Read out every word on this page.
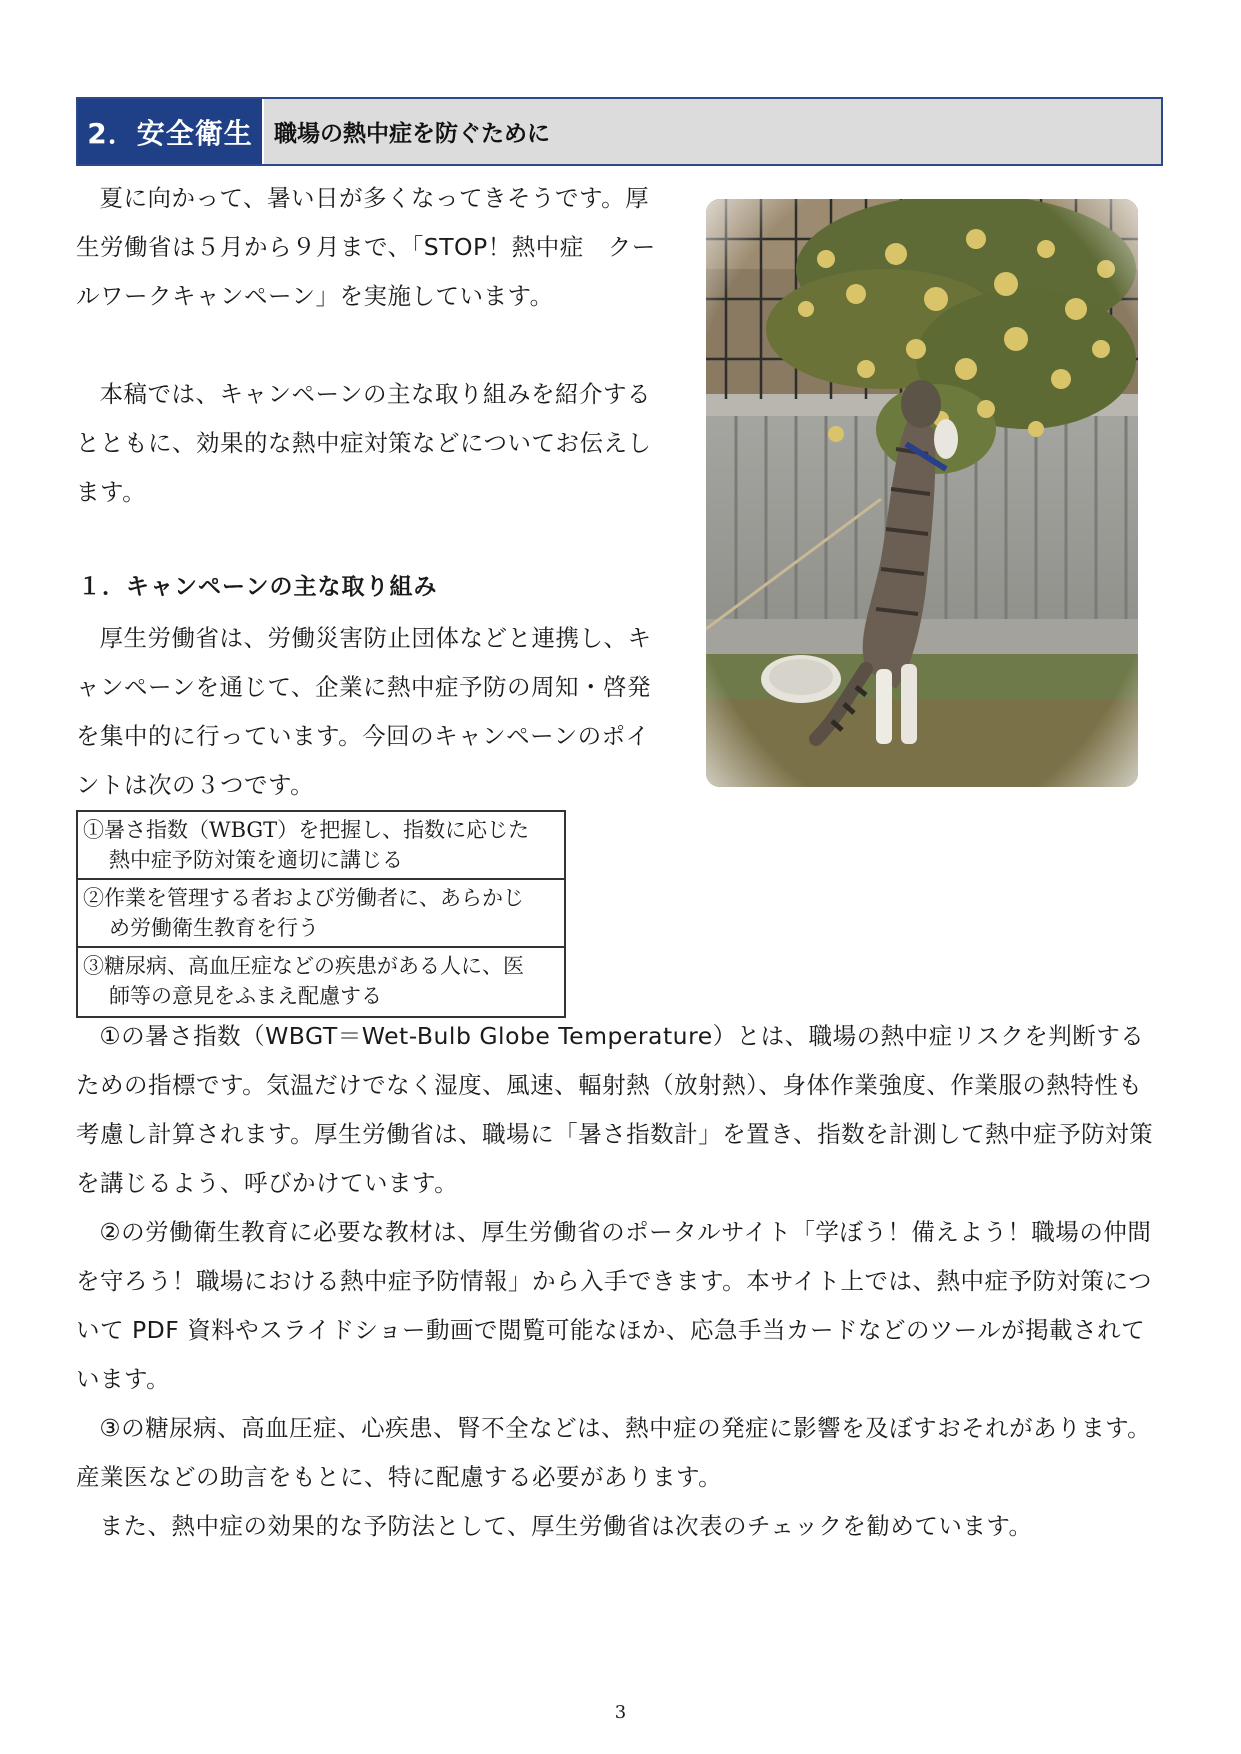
2．安全衛生 職場の熱中症を防ぐために

夏に向かって、暑い日が多くなってきそうです。厚生労働省は５月から９月まで、「STOP！熱中症　クールワークキャンペーン」を実施しています。

本稿では、キャンペーンの主な取り組みを紹介するとともに、効果的な熱中症対策などについてお伝えします。

１．キャンペーンの主な取り組み

厚生労働省は、労働災害防止団体などと連携し、キャンペーンを通じて、企業に熱中症予防の周知・啓発を集中的に行っています。今回のキャンペーンのポイントは次の３つです。

①暑さ指数（WBGT）を把握し、指数に応じた
熱中症予防対策を適切に講じる
②作業を管理する者および労働者に、あらかじ
め労働衛生教育を行う
③糖尿病、高血圧症などの疾患がある人に、医
師等の意見をふまえ配慮する

①の暑さ指数（WBGT＝Wet-Bulb Globe Temperature）とは、職場の熱中症リスクを判断するための指標です。気温だけでなく湿度、風速、輻射熱（放射熱）、身体作業強度、作業服の熱特性も考慮し計算されます。厚生労働省は、職場に「暑さ指数計」を置き、指数を計測して熱中症予防対策を講じるよう、呼びかけています。

②の労働衛生教育に必要な教材は、厚生労働省のポータルサイト「学ぼう！備えよう！職場の仲間を守ろう！職場における熱中症予防情報」から入手できます。本サイト上では、熱中症予防対策について PDF 資料やスライドショー動画で閲覧可能なほか、応急手当カードなどのツールが掲載されています。

③の糖尿病、高血圧症、心疾患、腎不全などは、熱中症の発症に影響を及ぼすおそれがあります。産業医などの助言をもとに、特に配慮する必要があります。

また、熱中症の効果的な予防法として、厚生労働省は次表のチェックを勧めています。

3
